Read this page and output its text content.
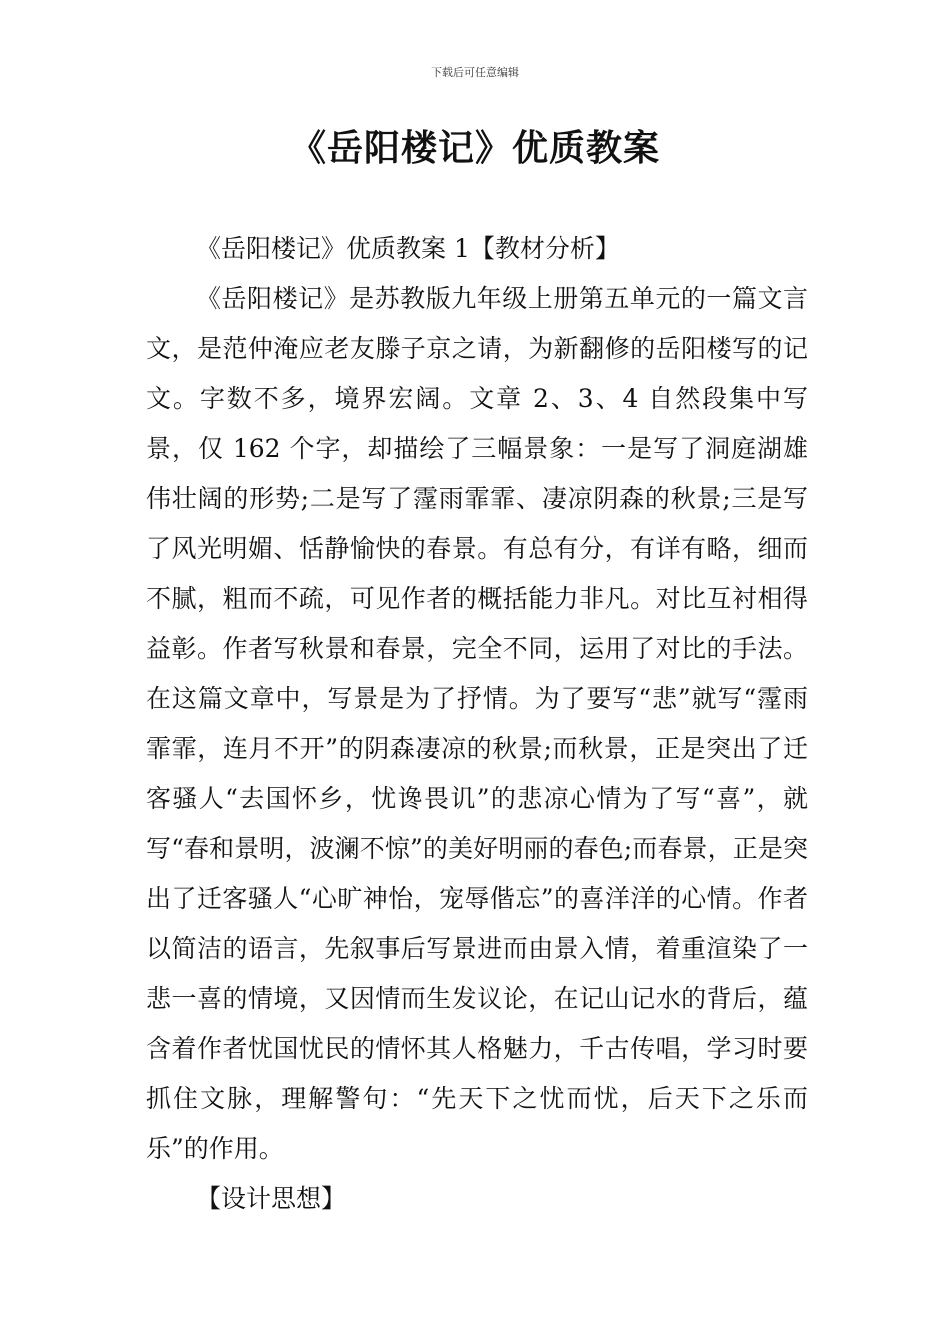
下载后可任意编辑
《岳阳楼记》优质教案

《岳阳楼记》优质教案 1【教材分析】

《岳阳楼记》是苏教版九年级上册第五单元的一篇文言文，是范仲淹应老友滕子京之请，为新翻修的岳阳楼写的记文。字数不多，境界宏阔。文章 2、3、4 自然段集中写景，仅 162 个字，却描绘了三幅景象：一是写了洞庭湖雄伟壮阔的形势;二是写了霪雨霏霏、凄凉阴森的秋景;三是写了风光明媚、恬静愉快的春景。有总有分，有详有略，细而不腻，粗而不疏，可见作者的概括能力非凡。对比互衬相得益彰。作者写秋景和春景，完全不同，运用了对比的手法。在这篇文章中，写景是为了抒情。为了要写“悲”就写“霪雨霏霏，连月不开”的阴森凄凉的秋景;而秋景，正是突出了迁客骚人“去国怀乡，忧谗畏讥”的悲凉心情为了写“喜”，就写“春和景明，波澜不惊”的美好明丽的春色;而春景，正是突出了迁客骚人“心旷神怡，宠辱偕忘”的喜洋洋的心情。作者以简洁的语言，先叙事后写景进而由景入情，着重渲染了一悲一喜的情境，又因情而生发议论，在记山记水的背后，蕴含着作者忧国忧民的情怀其人格魅力，千古传唱，学习时要抓住文脉，理解警句：“先天下之忧而忧，后天下之乐而乐”的作用。

【设计思想】
